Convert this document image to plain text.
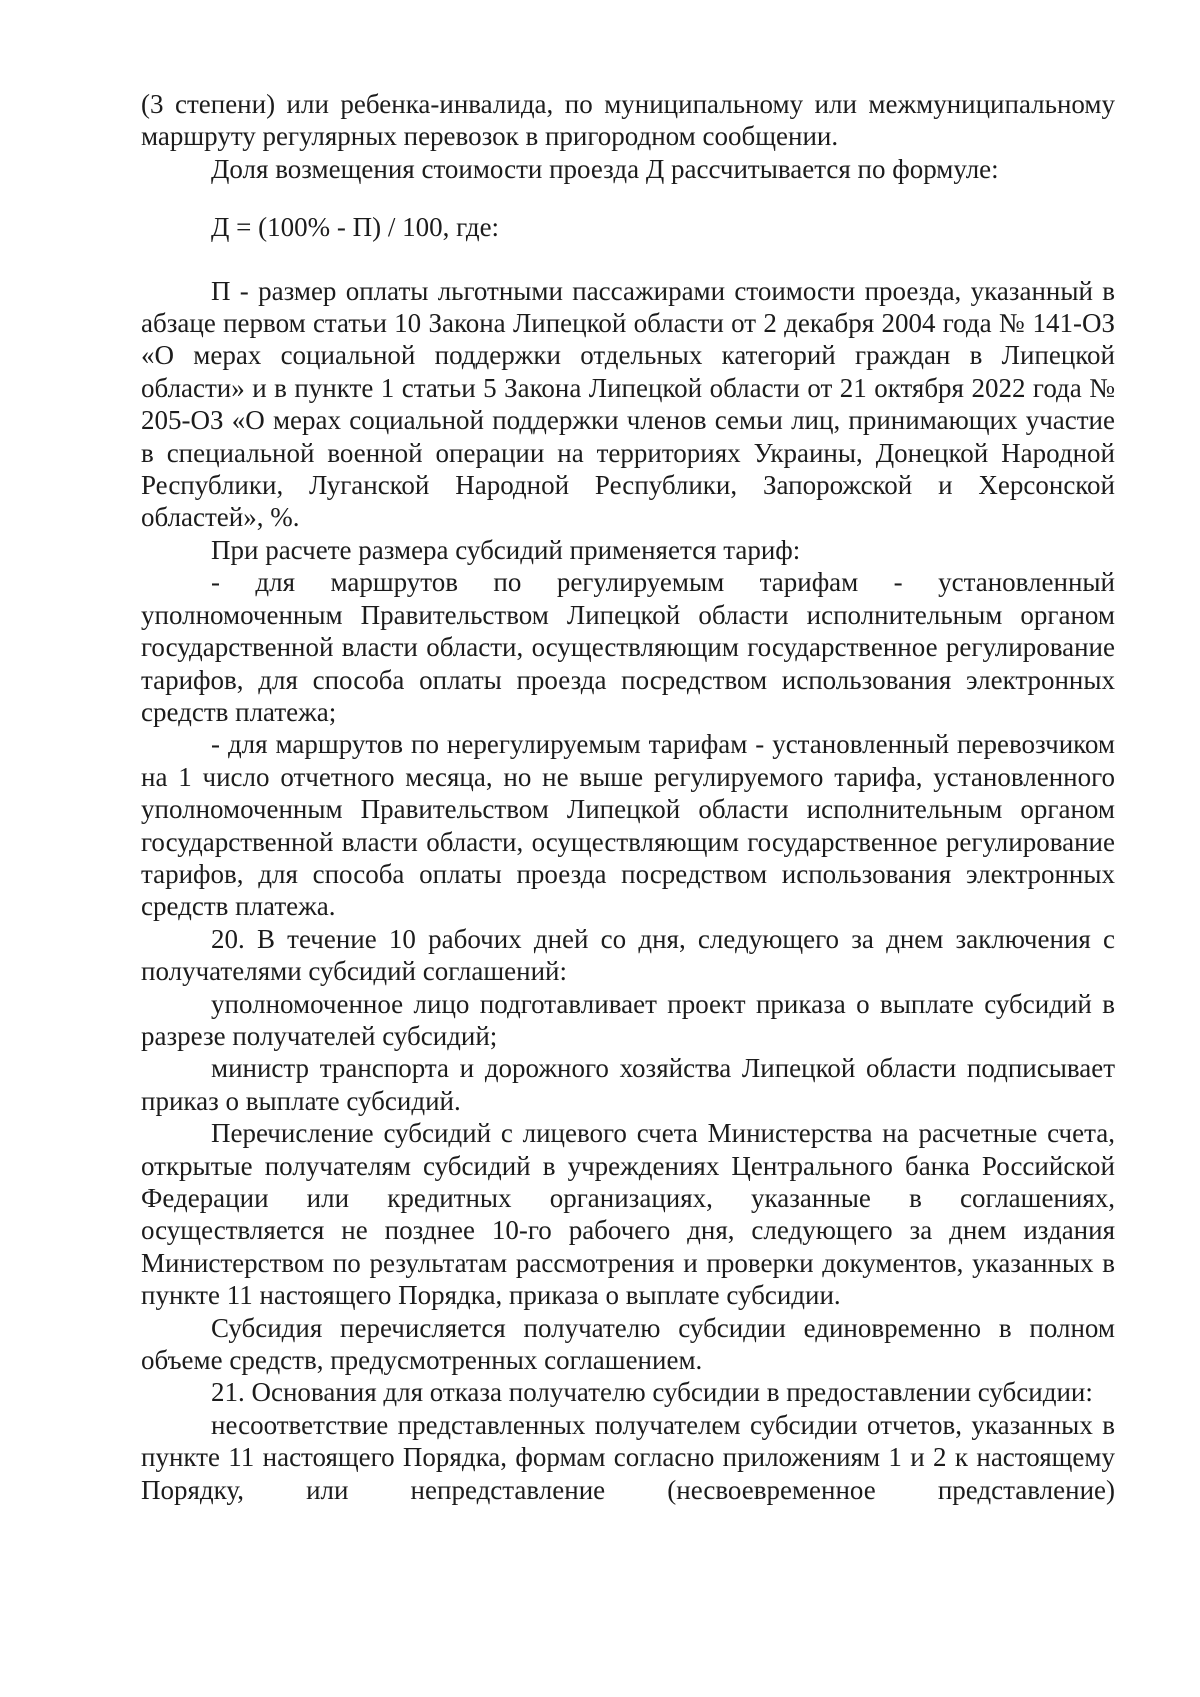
(3 степени) или ребенка-инвалида, по муниципальному или межмуниципальному маршруту регулярных перевозок в пригородном сообщении.

Доля возмещения стоимости проезда Д рассчитывается по формуле:

Д = (100% - П) / 100, где:

П - размер оплаты льготными пассажирами стоимости проезда, указанный в абзаце первом статьи 10 Закона Липецкой области от 2 декабря 2004 года № 141-ОЗ «О мерах социальной поддержки отдельных категорий граждан в Липецкой области» и в пункте 1 статьи 5 Закона Липецкой области от 21 октября 2022 года № 205-ОЗ «О мерах социальной поддержки членов семьи лиц, принимающих участие в специальной военной операции на территориях Украины, Донецкой Народной Республики, Луганской Народной Республики, Запорожской и Херсонской областей», %.

При расчете размера субсидий применяется тариф:

- для маршрутов по регулируемым тарифам - установленный уполномоченным Правительством Липецкой области исполнительным органом государственной власти области, осуществляющим государственное регулирование тарифов, для способа оплаты проезда посредством использования электронных средств платежа;

- для маршрутов по нерегулируемым тарифам - установленный перевозчиком на 1 число отчетного месяца, но не выше регулируемого тарифа, установленного уполномоченным Правительством Липецкой области исполнительным органом государственной власти области, осуществляющим государственное регулирование тарифов, для способа оплаты проезда посредством использования электронных средств платежа.

20. В течение 10 рабочих дней со дня, следующего за днем заключения с получателями субсидий соглашений:

уполномоченное лицо подготавливает проект приказа о выплате субсидий в разрезе получателей субсидий;

министр транспорта и дорожного хозяйства Липецкой области подписывает приказ о выплате субсидий.

Перечисление субсидий с лицевого счета Министерства на расчетные счета, открытые получателям субсидий в учреждениях Центрального банка Российской Федерации или кредитных организациях, указанные в соглашениях, осуществляется не позднее 10-го рабочего дня, следующего за днем издания Министерством по результатам рассмотрения и проверки документов, указанных в пункте 11 настоящего Порядка, приказа о выплате субсидии.

Субсидия перечисляется получателю субсидии единовременно в полном объеме средств, предусмотренных соглашением.

21. Основания для отказа получателю субсидии в предоставлении субсидии:

несоответствие представленных получателем субсидии отчетов, указанных в пункте 11 настоящего Порядка, формам согласно приложениям 1 и 2 к настоящему Порядку, или непредставление (несвоевременное представление)
